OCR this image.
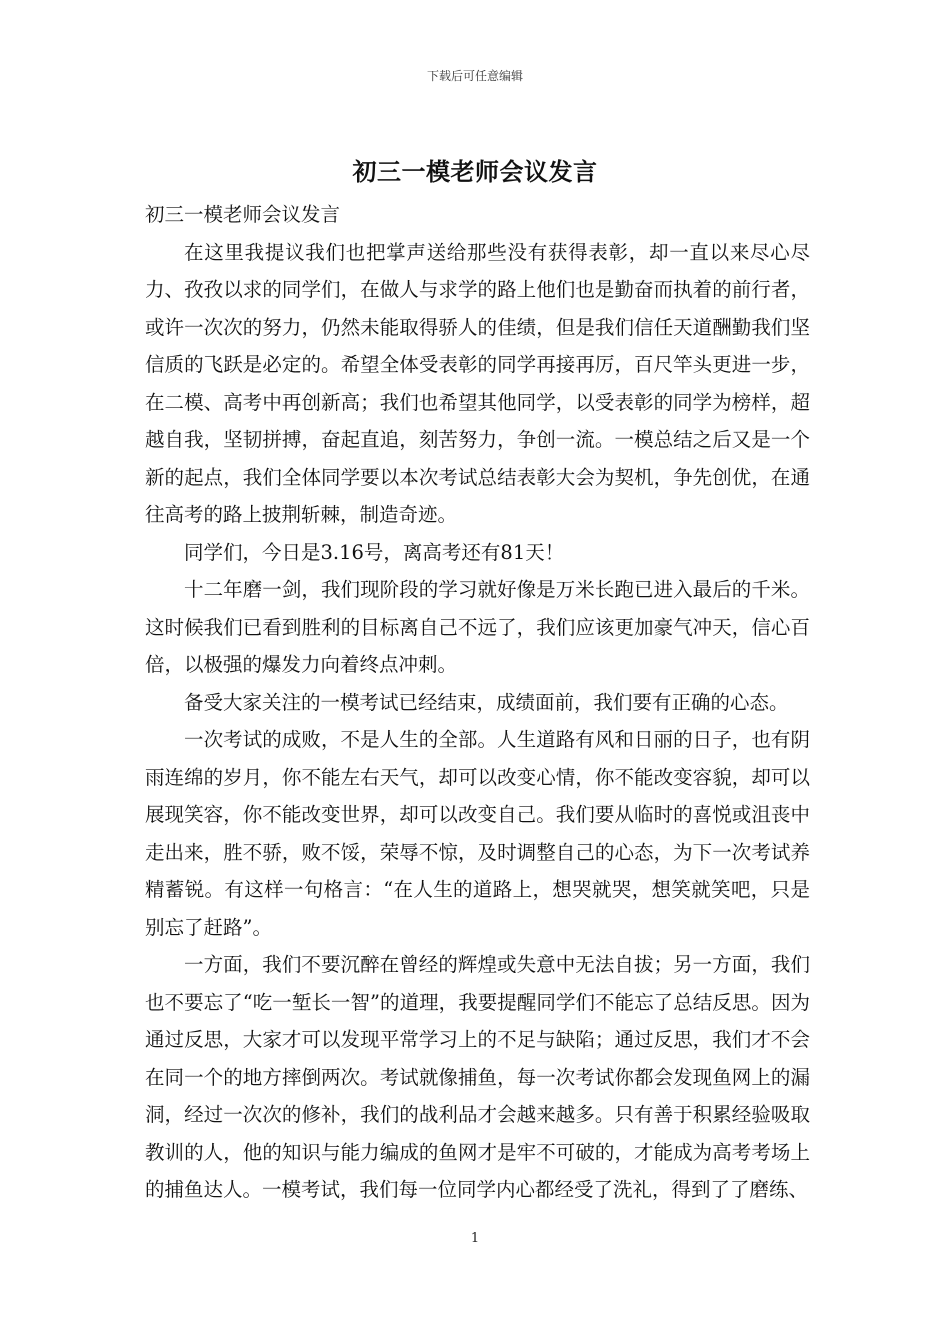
下载后可任意编辑
初三一模老师会议发言

初三一模老师会议发言

在这里我提议我们也把掌声送给那些没有获得表彰，却一直以来尽心尽力、孜孜以求的同学们，在做人与求学的路上他们也是勤奋而执着的前行者，或许一次次的努力，仍然未能取得骄人的佳绩，但是我们信任天道酬勤我们坚信质的飞跃是必定的。希望全体受表彰的同学再接再厉，百尺竿头更进一步，在二模、高考中再创新高；我们也希望其他同学，以受表彰的同学为榜样，超越自我，坚韧拼搏，奋起直追，刻苦努力，争创一流。一模总结之后又是一个新的起点，我们全体同学要以本次考试总结表彰大会为契机，争先创优，在通往高考的路上披荆斩棘，制造奇迹。

同学们，今日是3.16号，离高考还有81天！

十二年磨一剑，我们现阶段的学习就好像是万米长跑已进入最后的千米。这时候我们已看到胜利的目标离自己不远了，我们应该更加豪气冲天，信心百倍，以极强的爆发力向着终点冲刺。

备受大家关注的一模考试已经结束，成绩面前，我们要有正确的心态。

一次考试的成败，不是人生的全部。人生道路有风和日丽的日子，也有阴雨连绵的岁月，你不能左右天气，却可以改变心情，你不能改变容貌，却可以展现笑容，你不能改变世界，却可以改变自己。我们要从临时的喜悦或沮丧中走出来，胜不骄，败不馁，荣辱不惊，及时调整自己的心态，为下一次考试养精蓄锐。有这样一句格言：“在人生的道路上，想哭就哭，想笑就笑吧，只是别忘了赶路”。

一方面，我们不要沉醉在曾经的辉煌或失意中无法自拔；另一方面，我们也不要忘了“吃一堑长一智”的道理，我要提醒同学们不能忘了总结反思。因为通过反思，大家才可以发现平常学习上的不足与缺陷；通过反思，我们才不会在同一个的地方摔倒两次。考试就像捕鱼，每一次考试你都会发现鱼网上的漏洞，经过一次次的修补，我们的战利品才会越来越多。只有善于积累经验吸取教训的人，他的知识与能力编成的鱼网才是牢不可破的，才能成为高考考场上的捕鱼达人。一模考试，我们每一位同学内心都经受了洗礼，得到了了磨练、

1
